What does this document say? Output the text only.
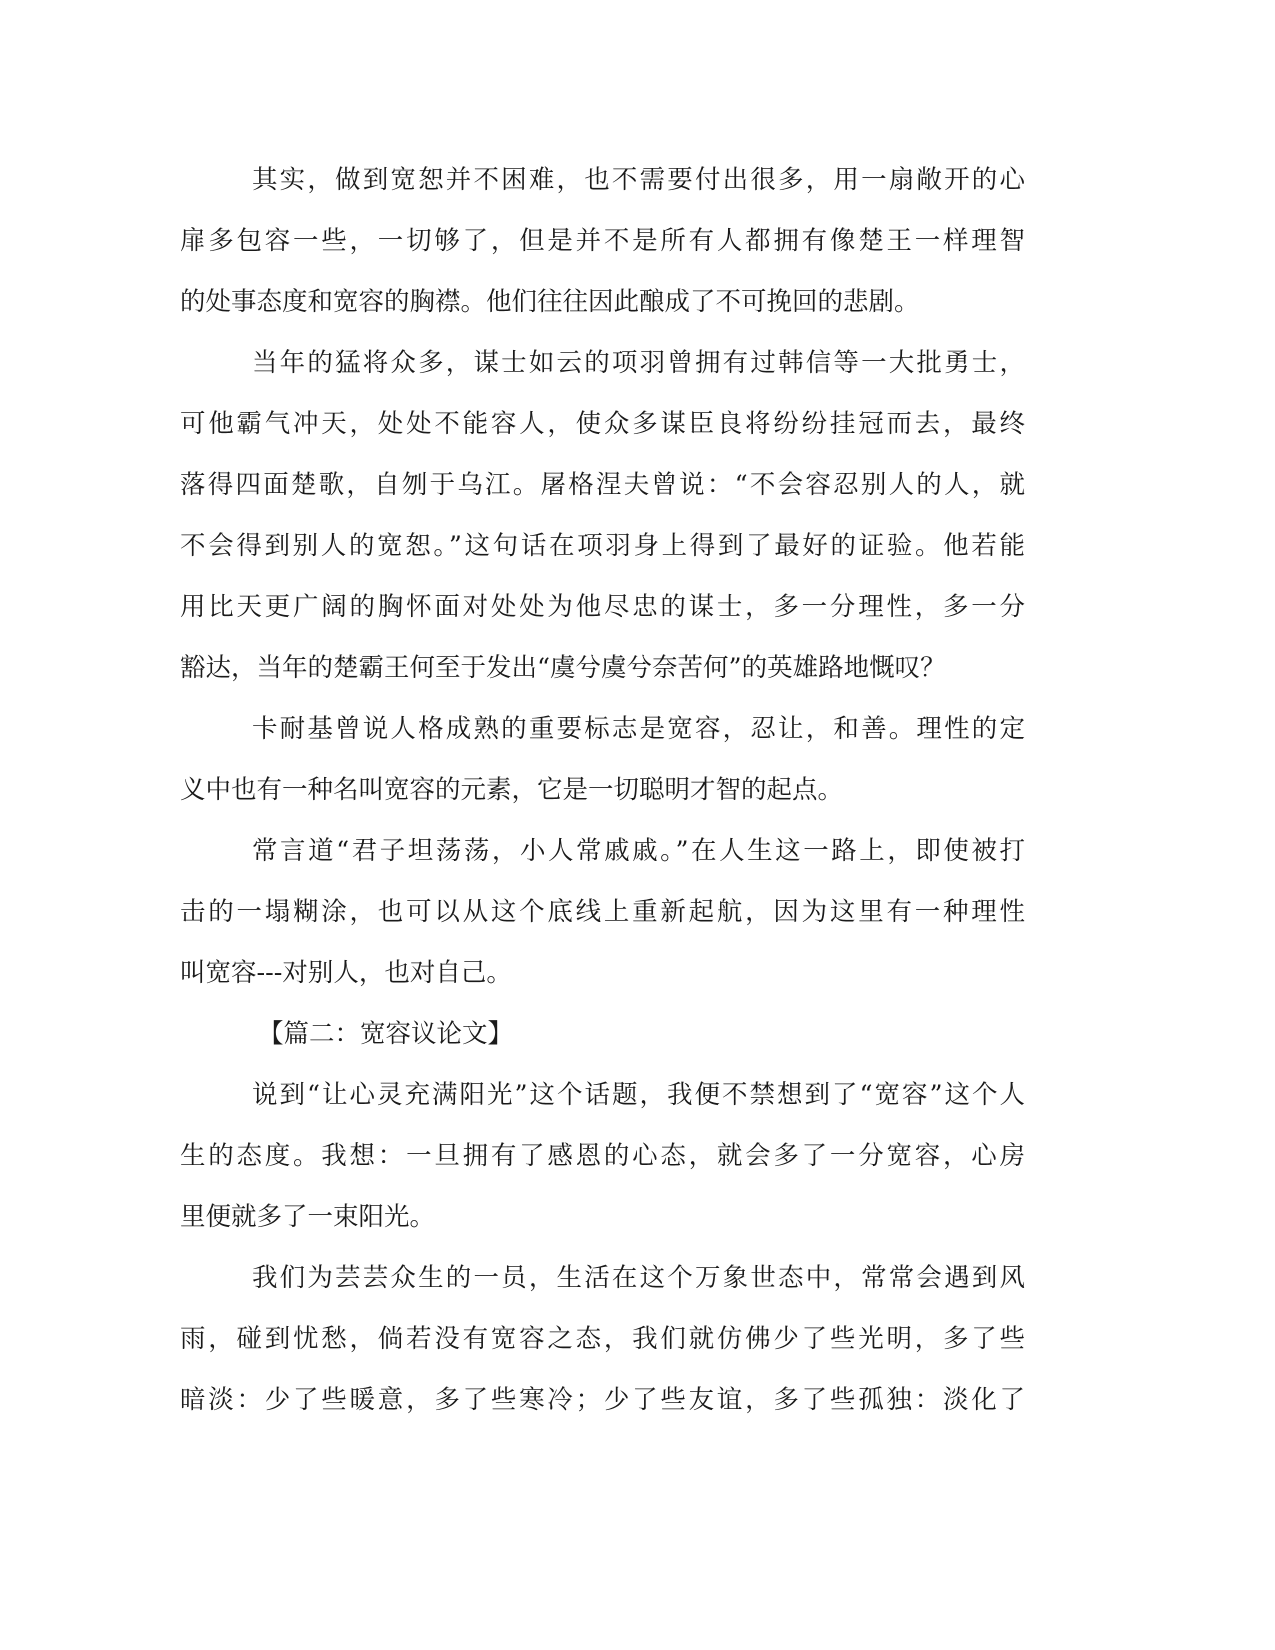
其实，做到宽恕并不困难，也不需要付出很多，用一扇敞开的心
扉多包容一些，一切够了，但是并不是所有人都拥有像楚王一样理智
的处事态度和宽容的胸襟。他们往往因此酿成了不可挽回的悲剧。
当年的猛将众多，谋士如云的项羽曾拥有过韩信等一大批勇士，
可他霸气冲天，处处不能容人，使众多谋臣良将纷纷挂冠而去，最终
落得四面楚歌，自刎于乌江。屠格涅夫曾说：“不会容忍别人的人，就
不会得到别人的宽恕。”这句话在项羽身上得到了最好的证验。他若能
用比天更广阔的胸怀面对处处为他尽忠的谋士，多一分理性，多一分
豁达，当年的楚霸王何至于发出“虞兮虞兮奈苦何”的英雄路地慨叹？
卡耐基曾说人格成熟的重要标志是宽容，忍让，和善。理性的定
义中也有一种名叫宽容的元素，它是一切聪明才智的起点。
常言道“君子坦荡荡，小人常戚戚。”在人生这一路上，即使被打
击的一塌糊涂，也可以从这个底线上重新起航，因为这里有一种理性
叫宽容---对别人，也对自己。
【篇二：宽容议论文】
说到“让心灵充满阳光”这个话题，我便不禁想到了“宽容”这个人
生的态度。我想：一旦拥有了感恩的心态，就会多了一分宽容，心房
里便就多了一束阳光。
我们为芸芸众生的一员，生活在这个万象世态中，常常会遇到风
雨，碰到忧愁，倘若没有宽容之态，我们就仿佛少了些光明，多了些
暗淡：少了些暖意，多了些寒冷；少了些友谊，多了些孤独：淡化了
